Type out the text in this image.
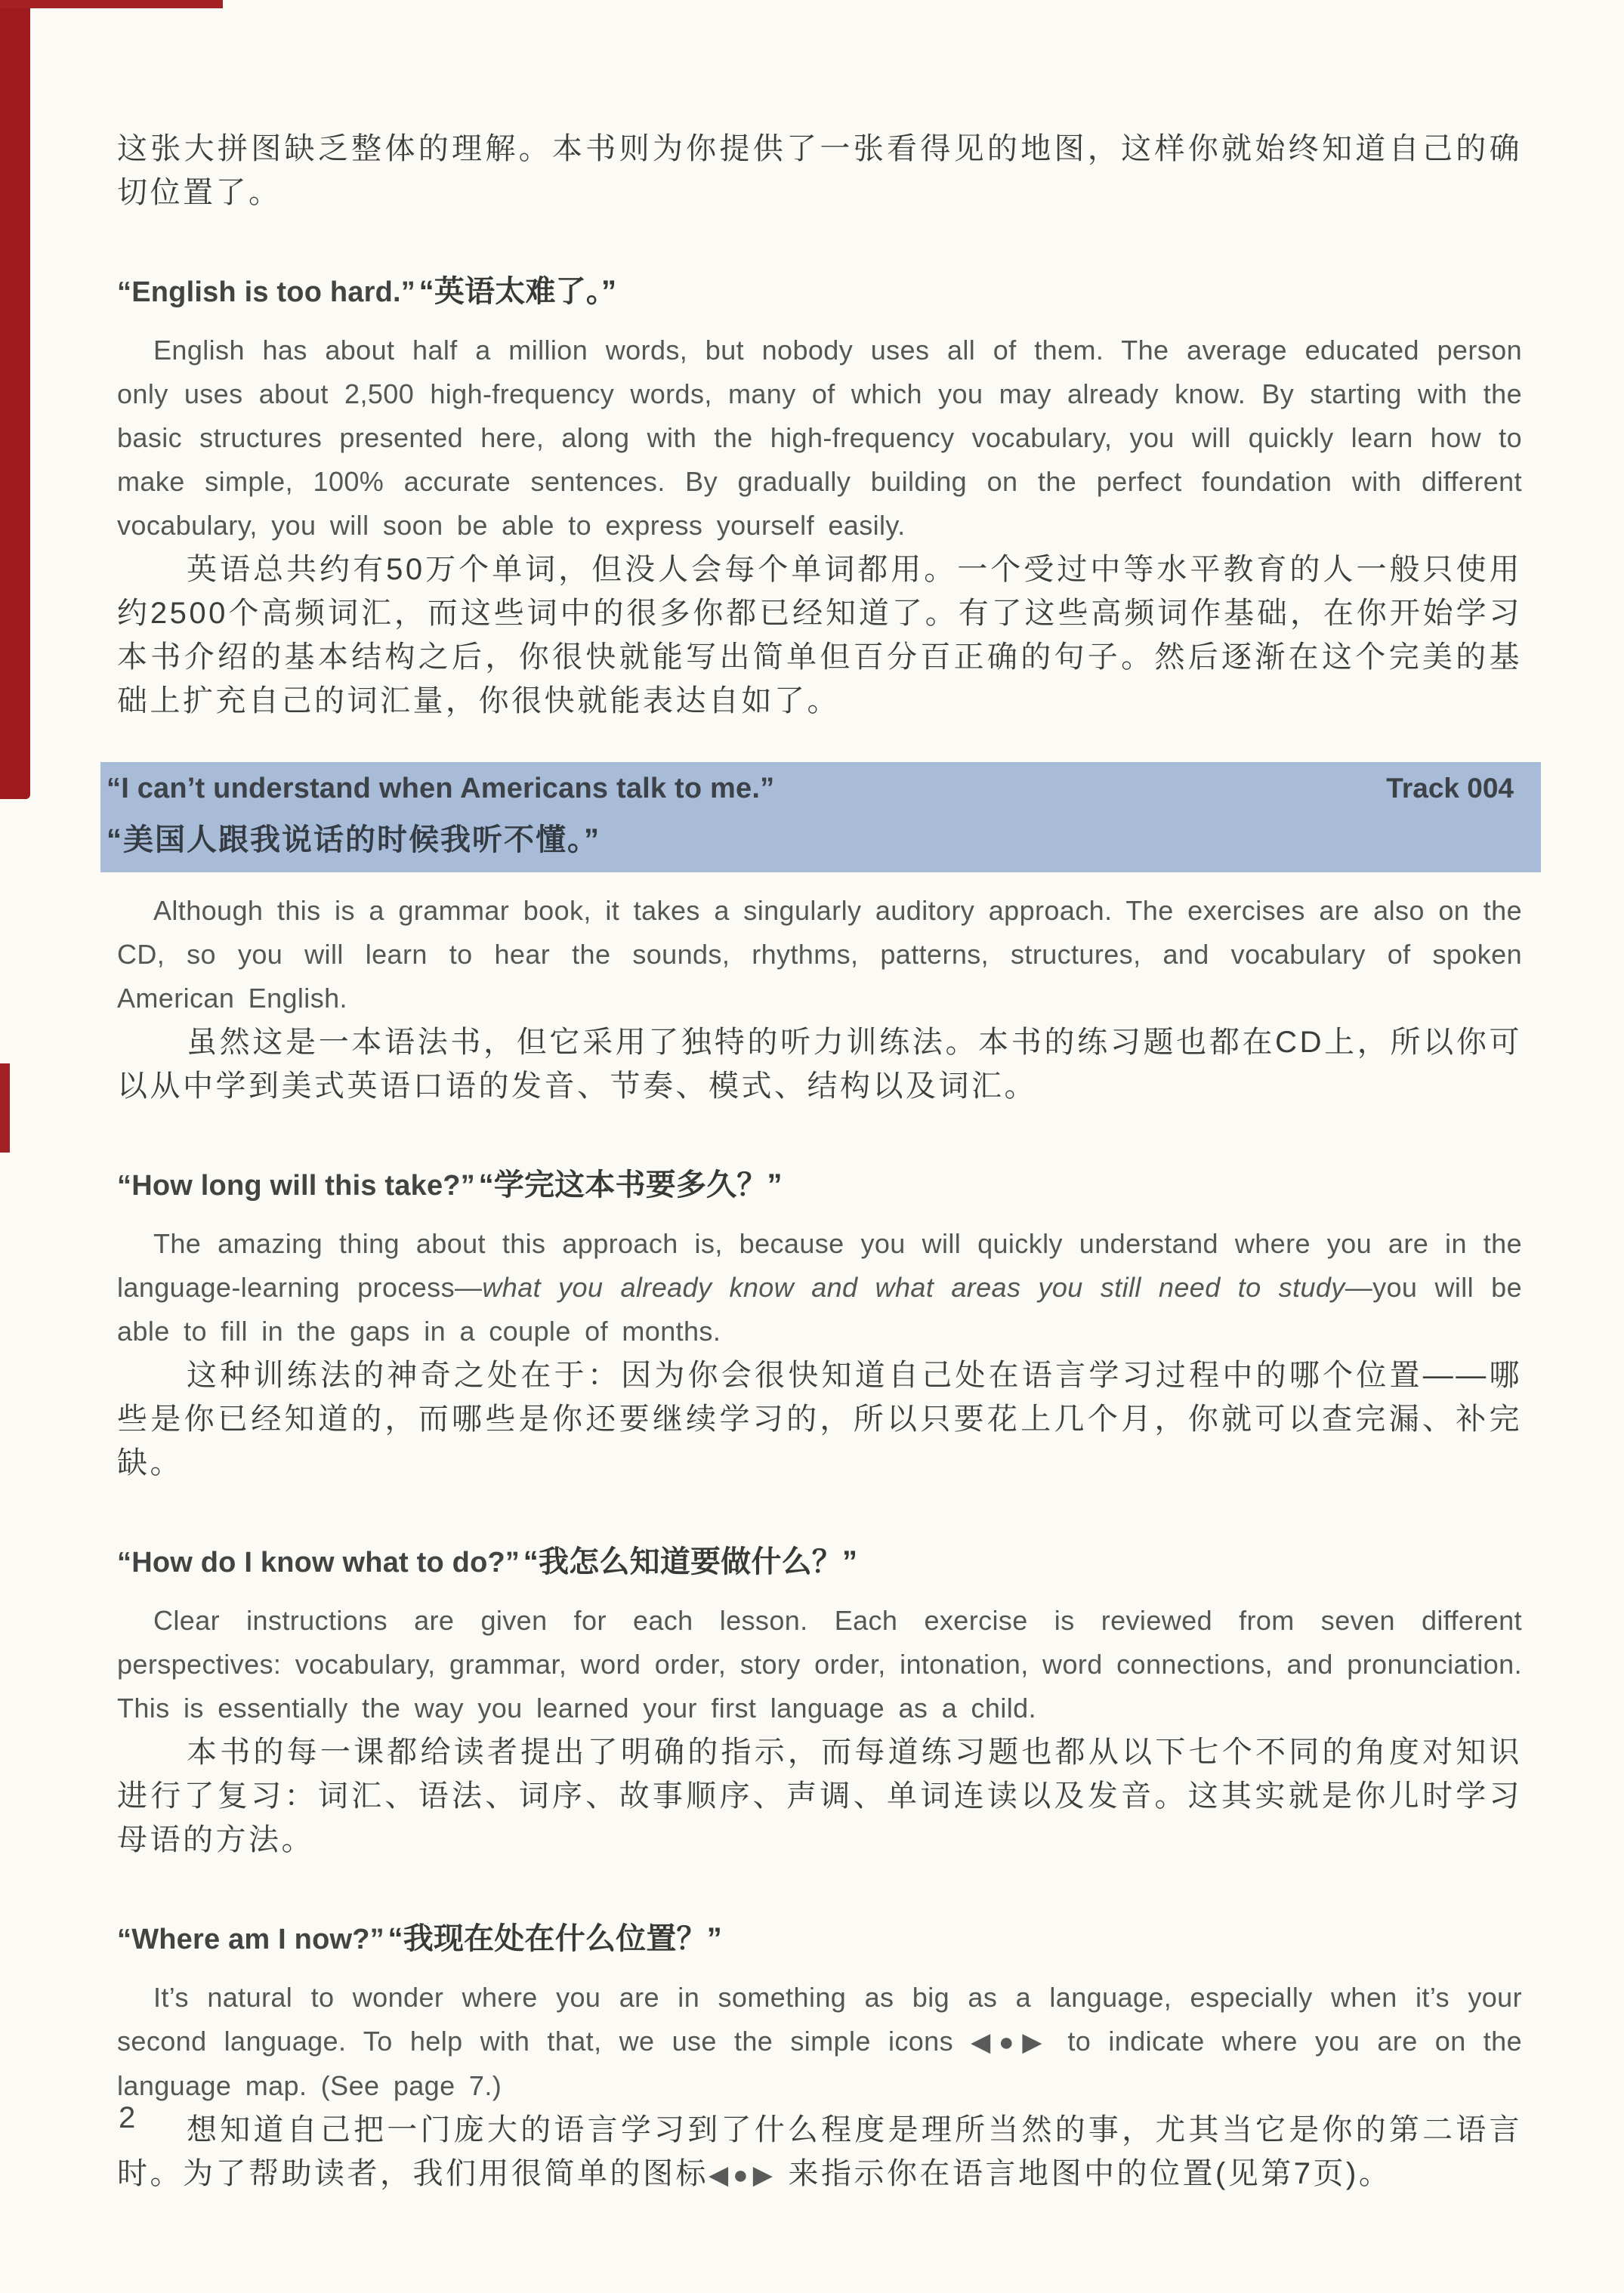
这张大拼图缺乏整体的理解。本书则为你提供了一张看得见的地图，这样你就始终知道自己的确切位置了。

“English is too hard.” “英语太难了。”

English has about half a million words, but nobody uses all of them. The average educated person only uses about 2,500 high-frequency words, many of which you may already know. By starting with the basic structures presented here, along with the high-frequency vocabulary, you will quickly learn how to make simple, 100% accurate sentences. By gradually building on the perfect foundation with different vocabulary, you will soon be able to express yourself easily.

英语总共约有50万个单词，但没人会每个单词都用。一个受过中等水平教育的人一般只使用约2500个高频词汇，而这些词中的很多你都已经知道了。有了这些高频词作基础，在你开始学习本书介绍的基本结构之后，你很快就能写出简单但百分百正确的句子。然后逐渐在这个完美的基础上扩充自己的词汇量，你很快就能表达自如了。

“I can’t understand when Americans talk to me.”	Track 004
“美国人跟我说话的时候我听不懂。”

Although this is a grammar book, it takes a singularly auditory approach. The exercises are also on the CD, so you will learn to hear the sounds, rhythms, patterns, structures, and vocabulary of spoken American English.

虽然这是一本语法书，但它采用了独特的听力训练法。本书的练习题也都在CD上，所以你可以从中学到美式英语口语的发音、节奏、模式、结构以及词汇。

“How long will this take?” “学完这本书要多久？”

The amazing thing about this approach is, because you will quickly understand where you are in the language-learning process—what you already know and what areas you still need to study—you will be able to fill in the gaps in a couple of months.

这种训练法的神奇之处在于：因为你会很快知道自己处在语言学习过程中的哪个位置——哪些是你已经知道的，而哪些是你还要继续学习的，所以只要花上几个月，你就可以查完漏、补完缺。

“How do I know what to do?” “我怎么知道要做什么？”

Clear instructions are given for each lesson. Each exercise is reviewed from seven different perspectives: vocabulary, grammar, word order, story order, intonation, word connections, and pronunciation. This is essentially the way you learned your first language as a child.

本书的每一课都给读者提出了明确的指示，而每道练习题也都从以下七个不同的角度对知识进行了复习：词汇、语法、词序、故事顺序、声调、单词连读以及发音。这其实就是你儿时学习母语的方法。

“Where am I now?” “我现在处在什么位置？”

It’s natural to wonder where you are in something as big as a language, especially when it’s your second language. To help with that, we use the simple icons ◀●▶ to indicate where you are on the language map. (See page 7.)

想知道自己把一门庞大的语言学习到了什么程度是理所当然的事，尤其当它是你的第二语言时。为了帮助读者，我们用很简单的图标◀●▶ 来指示你在语言地图中的位置(见第7页)。

2
